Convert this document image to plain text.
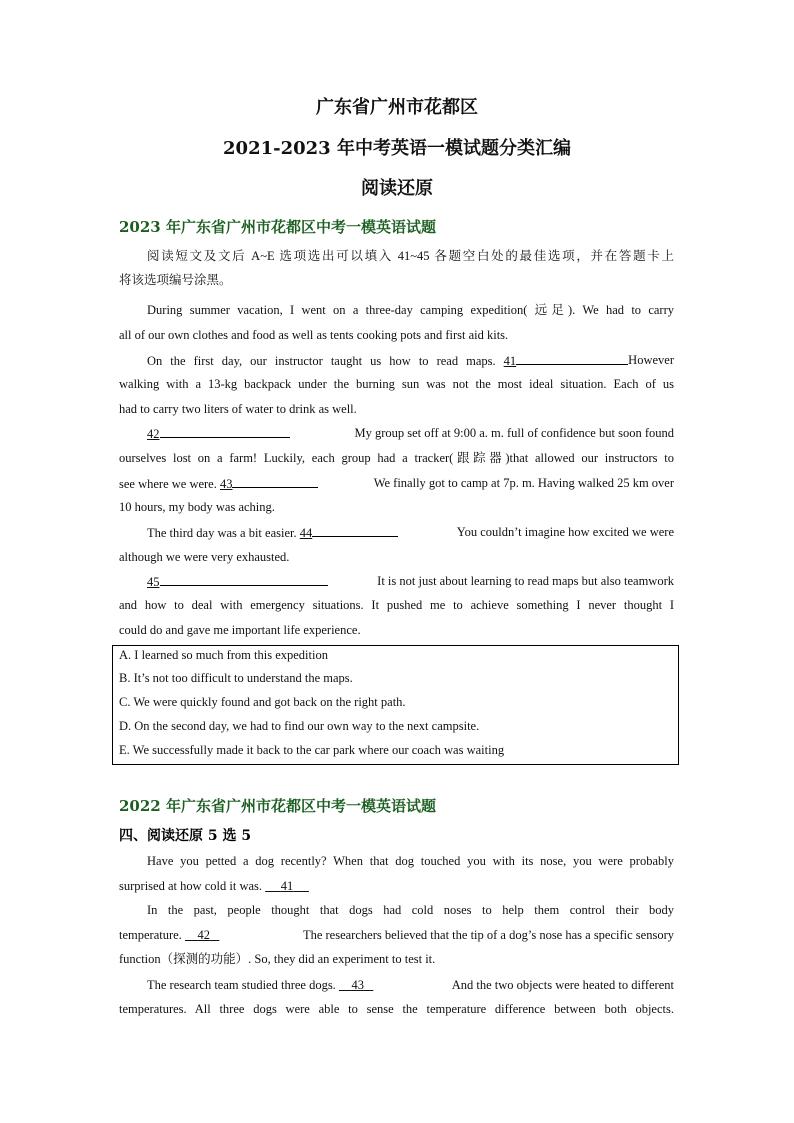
广东省广州市花都区
2021-2023 年中考英语一模试题分类汇编
阅读还原
2023 年广东省广州市花都区中考一模英语试题
阅读短文及文后 A~E 选项选出可以填入 41~45 各题空白处的最佳选项，并在答题卡上
将该选项编号涂黑。
During summer vacation, I went on a three-day camping expedition( 远足). We had to carry
all of our own clothes and food as well as tents cooking pots and first aid kits.
On the first day, our instructor taught us how to read maps. 41	However
walking with a 13-kg backpack under the burning sun was not the most ideal situation. Each of us
had to carry two liters of water to drink as well.
42	My group set off at 9:00 a. m. full of confidence but soon found
ourselves lost on a farm! Luckily, each group had a tracker(跟踪器)that allowed our instructors to
see where we were. 43	We finally got to camp at 7p. m. Having walked 25 km over
10 hours, my body was aching.
The third day was a bit easier. 44	You couldn’t imagine how excited we were
although we were very exhausted.
45	It is not just about learning to read maps but also teamwork
and how to deal with emergency situations. It pushed me to achieve something I never thought I
could do and gave me important life experience.
A. I learned so much from this expedition
B. It’s not too difficult to understand the maps.
C. We were quickly found and got back on the right path.
D. On the second day, we had to find our own way to the next campsite.
E. We successfully made it back to the car park where our coach was waiting
2022 年广东省广州市花都区中考一模英语试题
四、阅读还原 5 选 5
Have you petted a dog recently? When that dog touched you with its nose, you were probably
surprised at how cold it was.      41
In the past, people thought that dogs had cold noses to help them control their body
temperature.     42	The researchers believed that the tip of a dog’s nose has a specific sensory
function（探测的功能）. So, they did an experiment to test it.
The research team studied three dogs.     43	And the two objects were heated to different
temperatures. All three dogs were able to sense the temperature difference between both objects.
